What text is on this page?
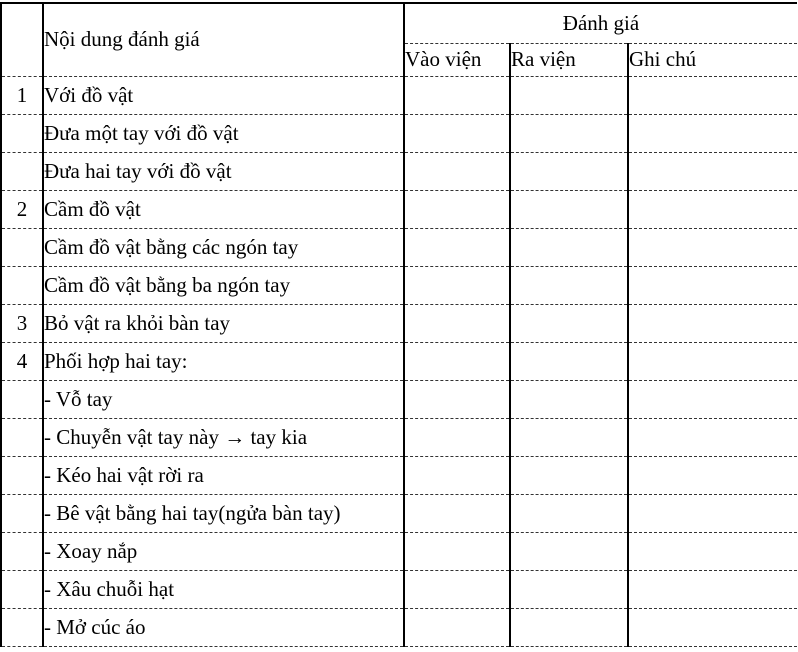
	Nội dung đánh giá	Đánh giá		
		Vào viện	Ra viện	Ghi chú
1	Với đồ vật			
	Đưa một tay với đồ vật			
	Đưa hai tay với đồ vật			
2	Cầm đồ vật			
	Cầm đồ vật bằng các ngón tay			
	Cầm đồ vật bằng ba ngón tay			
3	Bỏ vật ra khỏi bàn tay			
4	Phối hợp hai tay:			
	- Vỗ tay			
	- Chuyễn vật tay này → tay kia			
	- Kéo hai vật rời ra			
	- Bê vật bằng hai tay(ngửa bàn tay)			
	- Xoay nắp			
	- Xâu chuỗi hạt			
	- Mở cúc áo			
